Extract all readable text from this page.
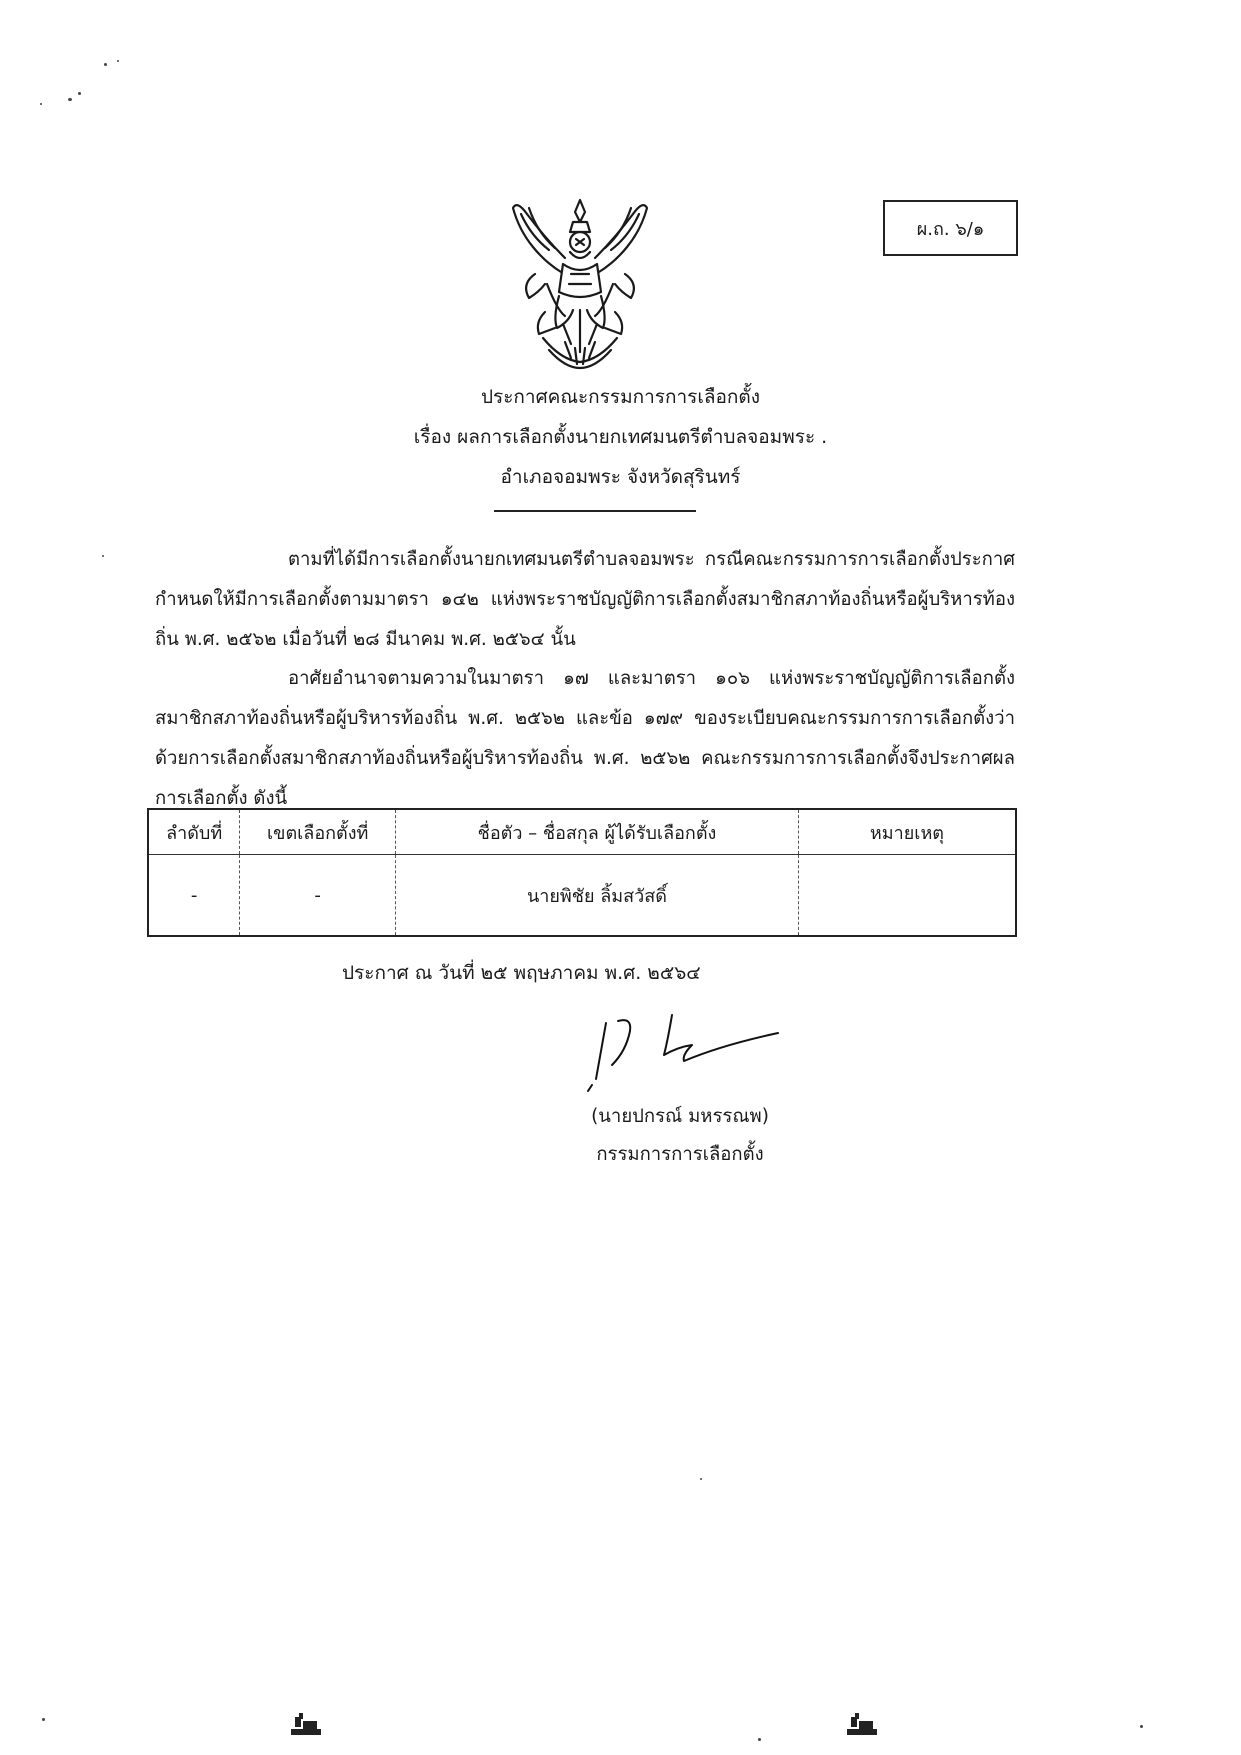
ผ.ถ. ๖/๑
ประกาศคณะกรรมการการเลือกตั้ง
เรื่อง ผลการเลือกตั้งนายกเทศมนตรีตำบลจอมพระ .
อำเภอจอมพระ จังหวัดสุรินทร์

ตามที่ได้มีการเลือกตั้งนายกเทศมนตรีตำบลจอมพระ กรณีคณะกรรมการการเลือกตั้งประกาศกำหนดให้มีการเลือกตั้งตามมาตรา ๑๔๒ แห่งพระราชบัญญัติการเลือกตั้งสมาชิกสภาท้องถิ่นหรือผู้บริหารท้องถิ่น พ.ศ. ๒๕๖๒ เมื่อวันที่ ๒๘ มีนาคม พ.ศ. ๒๕๖๔ นั้น

อาศัยอำนาจตามความในมาตรา ๑๗ และมาตรา ๑๐๖ แห่งพระราชบัญญัติการเลือกตั้งสมาชิกสภาท้องถิ่นหรือผู้บริหารท้องถิ่น พ.ศ. ๒๕๖๒ และข้อ ๑๗๙ ของระเบียบคณะกรรมการการเลือกตั้งว่าด้วยการเลือกตั้งสมาชิกสภาท้องถิ่นหรือผู้บริหารท้องถิ่น พ.ศ. ๒๕๖๒ คณะกรรมการการเลือกตั้งจึงประกาศผลการเลือกตั้ง ดังนี้

ลำดับที่	เขตเลือกตั้งที่	ชื่อตัว – ชื่อสกุล ผู้ได้รับเลือกตั้ง	หมายเหตุ
-	-	นายพิชัย ลิ้มสวัสดิ์	
ประกาศ ณ วันที่ ๒๕ พฤษภาคม พ.ศ. ๒๕๖๔
(นายปกรณ์ มหรรณพ)
กรรมการการเลือกตั้ง
